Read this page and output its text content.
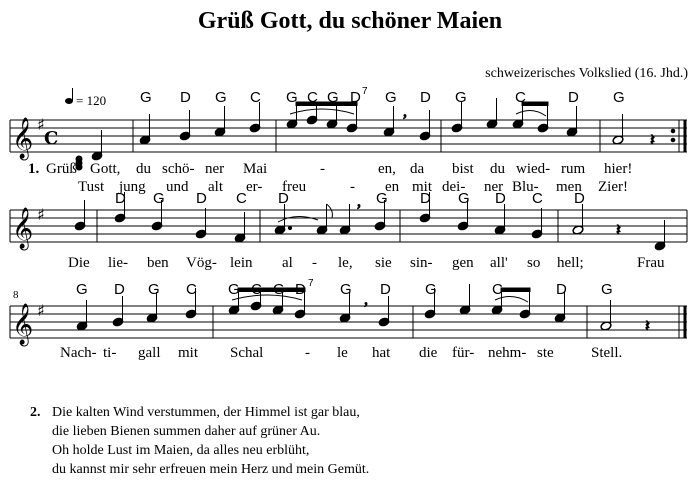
Grüß Gott, du schöner Maien
schweizerisches Volkslied (16. Jhd.)
𝄞 ♯
C
= 120
,
𝄽
G D G C G C G D 7 G D G	C	D G
1. Grüß Gott, du schö- ner Mai	-	en, da bist du wied- rum hier!
Tust jung und alt er- freu	- en mit dei- ner Blu- men Zier!
𝄞 ♯
,
𝄽
D G D C D	G D G D C D
Die lie- ben Vög- lein al - le, sie sin- gen all' so hell;	Frau
8
𝄞 ♯
,
𝄽
G D G C G C G D 7 G D G	C	D G
Nach- ti- gall mit Schal	- le hat die für- nehm- ste Stell.
2. Die kalten Wind verstummen, der Himmel ist gar blau,
die lieben Bienen summen daher auf grüner Au.
Oh holde Lust im Maien, da alles neu erblüht,
du kannst mir sehr erfreuen mein Herz und mein Gemüt.
